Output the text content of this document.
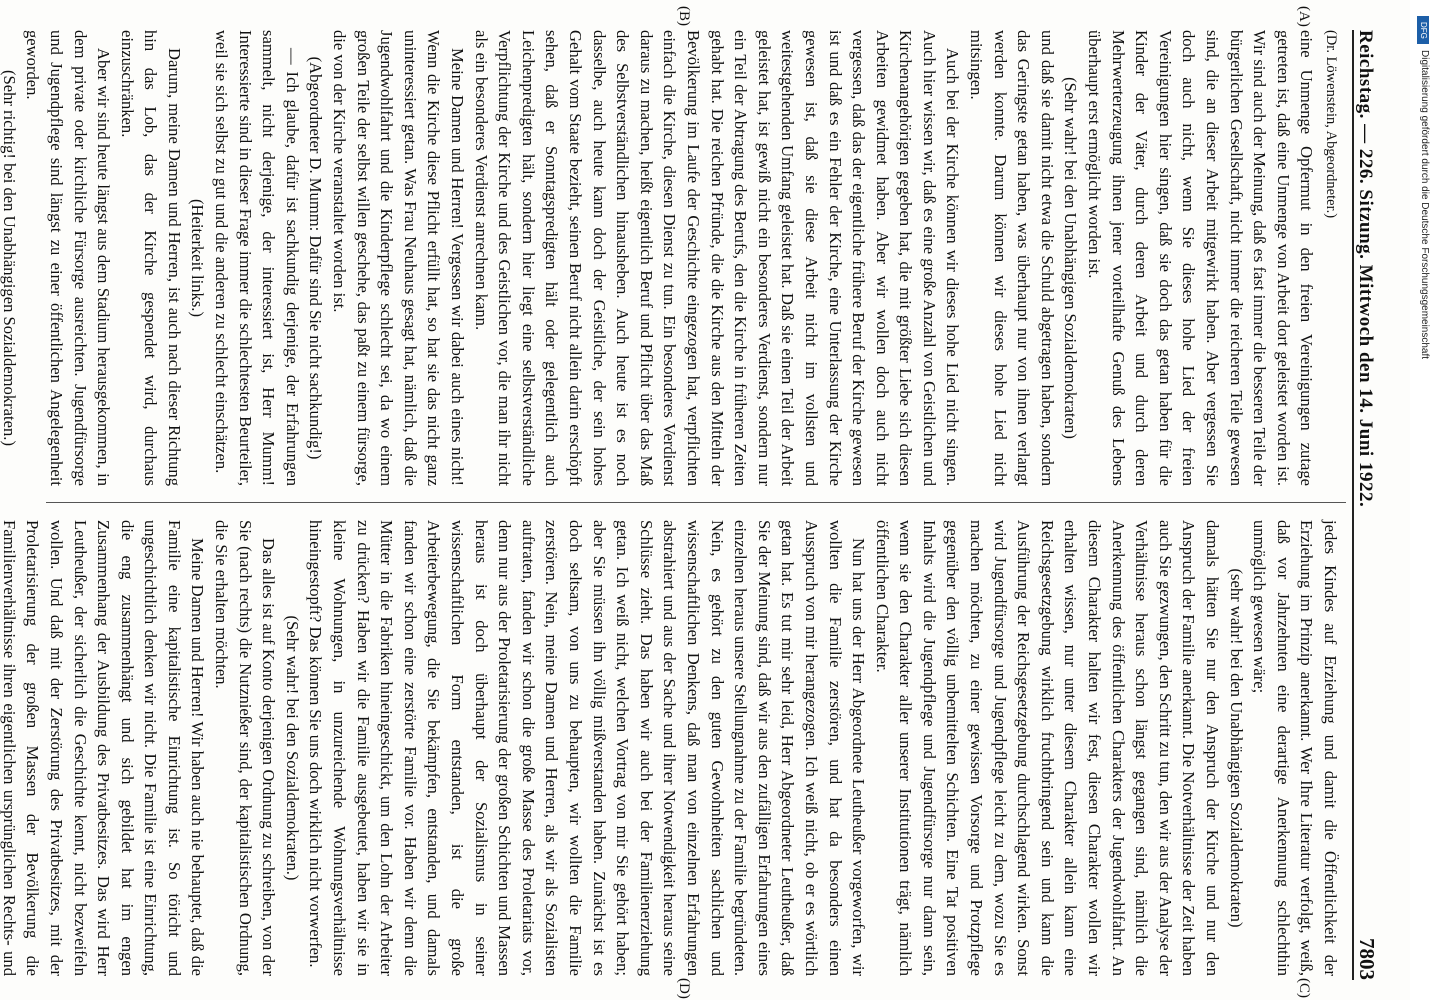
Reichstag. — 226. Sitzung. Mittwoch den 14. Juni 1922.
7803
(A)
(B)
(C)
(D)

(Dr. Löwenstein, Abgeordneter.)

eine Unmenge Opfermut in den freien Vereinigungen zutage getreten ist, daß eine Unmenge von Arbeit dort geleistet worden ist. Wir sind auch der Meinung, daß es fast immer die besseren Teile der bürgerlichen Gesellschaft, nicht immer die reicheren Teile gewesen sind, die an dieser Arbeit mitgewirkt haben. Aber vergessen Sie doch auch nicht, wenn Sie dieses hohe Lied der freien Vereinigungen hier singen, daß sie doch das getan haben für die Kinder der Väter, durch deren Arbeit und durch deren Mehrwerterzeugung ihnen jener vorteilhafte Genuß des Lebens überhaupt erst ermöglicht worden ist.

(Sehr wahr! bei den Unabhängigen Sozialdemokraten)

und daß sie damit nicht etwa die Schuld abgetragen haben, sondern das Geringste getan haben, was überhaupt nur von ihnen verlangt werden konnte. Darum können wir dieses hohe Lied nicht mitsingen.

Auch bei der Kirche können wir dieses hohe Lied nicht singen. Auch hier wissen wir, daß es eine große Anzahl von Geistlichen und Kirchenangehörigen gegeben hat, die mit größter Liebe sich diesen Arbeiten gewidmet haben. Aber wir wollen doch auch nicht vergessen, daß das der eigentliche frühere Beruf der Kirche gewesen ist und daß es ein Fehler der Kirche, eine Unterlassung der Kirche gewesen ist, daß sie diese Arbeit nicht im vollsten und weitestgehenden Umfang geleistet hat. Daß sie einen Teil der Arbeit geleistet hat, ist gewiß nicht ein besonderes Verdienst, sondern nur ein Teil der Abtragung des Berufs, den die Kirche in früheren Zeiten gehabt hat. Die reichen Pfründe, die die Kirche aus den Mitteln der Bevölkerung im Laufe der Geschichte eingezogen hat, verpflichten einfach die Kirche, diesen Dienst zu tun. Ein besonderes Verdienst daraus zu machen, heißt eigentlich Beruf und Pflicht über das Maß des Selbstverständlichen hinausheben. Auch heute ist es noch dasselbe, auch heute kann doch der Geistliche, der sein hohes Gehalt vom Staate bezieht, seinen Beruf nicht allein darin erschöpft sehen, daß er Sonntagspredigten hält oder gelegentlich auch Leichenpredigten hält, sondern hier liegt eine selbstverständliche Verpflichtung der Kirche und des Geistlichen vor, die man ihr nicht als ein besonderes Verdienst anrechnen kann.

Meine Damen und Herren! Vergessen wir dabei auch eines nicht! Wenn die Kirche diese Pflicht erfüllt hat, so hat sie das nicht ganz uninteressiert getan. Was Frau Neuhaus gesagt hat, nämlich, daß die Jugendwohlfahrt und die Kinderpflege schlecht sei, da wo einem großen Teile der selbst willen geschehe, das paßt zu einem fürsorge, die von der Kirche veranstaltet worden ist.

(Abgeordneter D. Mumm: Dafür sind Sie nicht sachkundig!)

— Ich glaube, dafür ist sachkundig derjenige, der Erfahrungen sammelt, nicht derjenige, der interessiert ist, Herr Mumm! Interessierte sind in dieser Frage immer die schlechtesten Beurteiler, weil sie sich selbst zu gut und die anderen zu schlecht einschätzen.

(Heiterkeit links.)

Darum, meine Damen und Herren, ist auch nach dieser Richtung hin das Lob, das der Kirche gespendet wird, durchaus einzuschränken.

Aber wir sind heute längst aus dem Stadium herausgekommen, in dem private oder kirchliche Fürsorge ausreichten. Jugendfürsorge und Jugendpflege sind längst zu einer öffentlichen Angelegenheit geworden.

(Sehr richtig! bei den Unabhängigen Sozialdemokraten.)

jedes Kindes auf Erziehung und damit die Öffentlichkeit der Erziehung im Prinzip anerkannt. Wer Ihre Literatur verfolgt, weiß, daß vor Jahrzehnten eine derartige Anerkennung schlechthin unmöglich gewesen wäre;

(sehr wahr! bei den Unabhängigen Sozialdemokraten)

damals hätten Sie nur den Anspruch der Kirche und nur den Anspruch der Familie anerkannt. Die Notverhältnisse der Zeit haben auch Sie gezwungen, den Schritt zu tun, den wir aus der Analyse der Verhältnisse heraus schon längst gegangen sind, nämlich die Anerkennung des öffentlichen Charakters der Jugendwohlfahrt. An diesem Charakter halten wir fest, diesen Charakter wollen wir erhalten wissen, nur unter diesem Charakter allein kann eine Reichsgesetzgebung wirklich fruchtbringend sein und kann die Ausführung der Reichsgesetzgebung durchschlagend wirken. Sonst wird Jugendfürsorge und Jugendpflege leicht zu dem, wozu Sie es machen möchten, zu einer gewissen Vorsorge und Protzpflege gegenüber den völlig unbemittelten Schichten. Eine Tat positiven Inhalts wird die Jugendpflege und Jugendfürsorge nur dann sein, wenn sie den Charakter aller unserer Institutionen trägt, nämlich öffentlichen Charakter.

Nun hat uns der Herr Abgeordnete Leutheußer vorgeworfen, wir wollten die Familie zerstören, und hat da besonders einen Ausspruch von mir herangezogen. Ich weiß nicht, ob er es wörtlich getan hat. Es tut mir sehr leid, Herr Abgeordneter Leutheußer, daß Sie der Meinung sind, daß wir aus den zufälligen Erfahrungen eines einzelnen heraus unsere Stellungnahme zu der Familie begründeten. Nein, es gehört zu den guten Gewohnheiten sachlichen und wissenschaftlichen Denkens, daß man von einzelnen Erfahrungen abstrahiert und aus der Sache und ihrer Notwendigkeit heraus seine Schlüsse zieht. Das haben wir auch bei der Familienerziehung getan. Ich weiß nicht, welchen Vortrag von mir Sie gehört haben; aber Sie müssen ihn völlig mißverstanden haben. Zunächst ist es doch seltsam, von uns zu behaupten, wir wollten die Familie zerstören. Nein, meine Damen und Herren, als wir als Sozialisten auftraten, fanden wir schon die große Masse des Proletariats vor, denn nur aus der Proletarisierung der großen Schichten und Massen heraus ist doch überhaupt der Sozialismus in seiner wissenschaftlichen Form entstanden, ist die große Arbeiterbewegung, die Sie bekämpfen, entstanden, und damals fanden wir schon eine zerstörte Familie vor. Haben wir denn die Mütter in die Fabriken hineingeschickt, um den Lohn der Arbeiter zu drücken? Haben wir die Familie ausgebeutet, haben wir sie in kleine Wohnungen, in unzureichende Wohnungsverhältnisse hineingestopft? Das können Sie uns doch wirklich nicht vorwerfen.

(Sehr wahr! bei den Sozialdemokraten.)

Das alles ist auf Konto derjenigen Ordnung zu schreiben, von der Sie (nach rechts) die Nutznießer sind, der kapitalistischen Ordnung, die Sie erhalten möchten.

Meine Damen und Herren! Wir haben auch nie behauptet, daß die Familie eine kapitalistische Einrichtung ist. So töricht und ungeschichtlich denken wir nicht. Die Familie ist eine Einrichtung, die eng zusammenhängt und sich gebildet hat im engen Zusammenhang der Ausbildung des Privatbesitzes. Das wird Herr Leutheußer, der sicherlich die Geschichte kennt, nicht bezweifeln wollen. Und daß mit der Zerstörung des Privatbesitzes, mit der Proletarisierung der großen Massen der Bevölkerung die Familienverhältnisse ihren eigentlichen ursprünglichen Rechts- und

Digitalisierung gefördert durch die Deutsche Forschungsgemeinschaft
DFG
